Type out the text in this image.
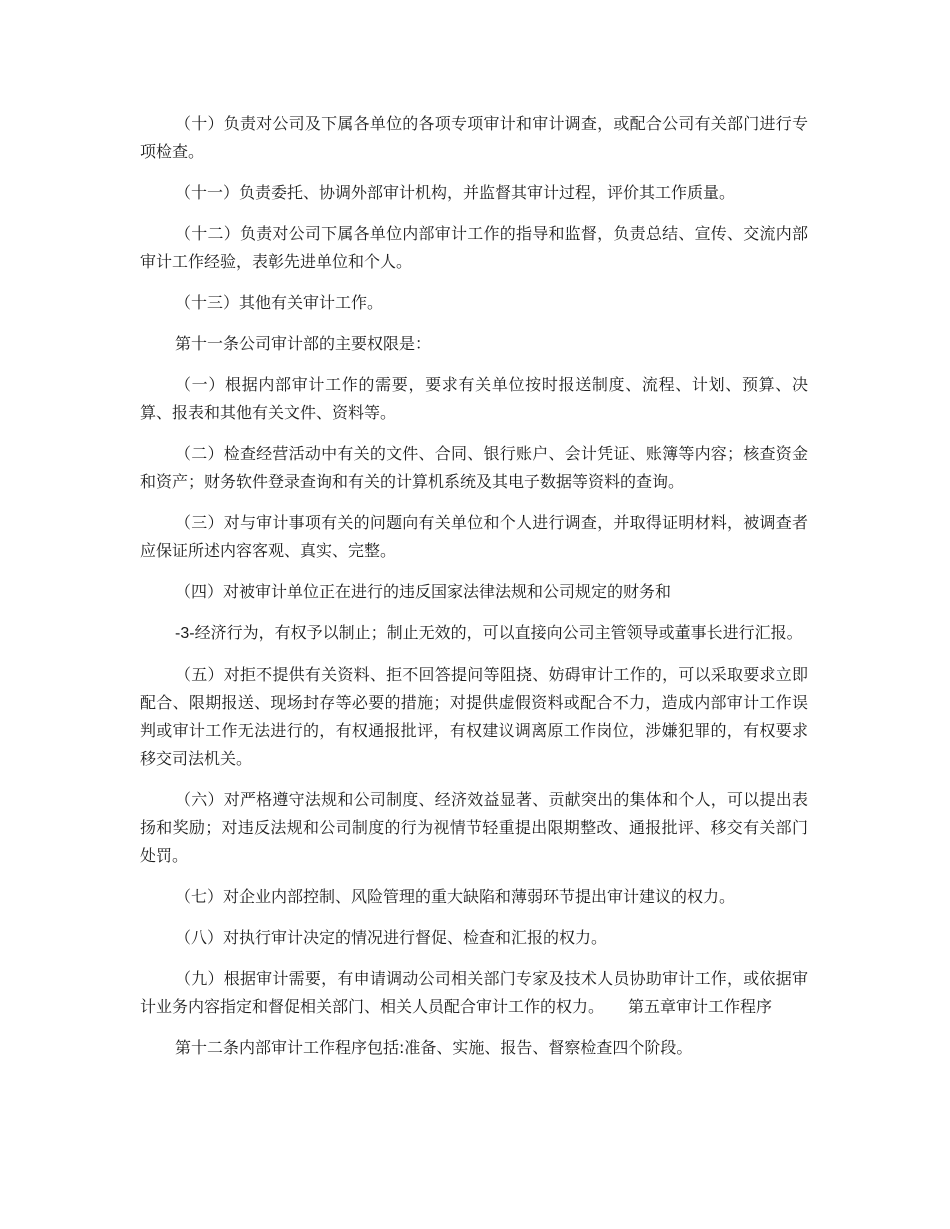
（十）负责对公司及下属各单位的各项专项审计和审计调查，或配合公司有关部门进行专项检查。

（十一）负责委托、协调外部审计机构，并监督其审计过程，评价其工作质量。

（十二）负责对公司下属各单位内部审计工作的指导和监督，负责总结、宣传、交流内部审计工作经验，表彰先进单位和个人。

（十三）其他有关审计工作。

第十一条公司审计部的主要权限是：

（一）根据内部审计工作的需要，要求有关单位按时报送制度、流程、计划、预算、决算、报表和其他有关文件、资料等。

（二）检查经营活动中有关的文件、合同、银行账户、会计凭证、账簿等内容；核查资金和资产；财务软件登录查询和有关的计算机系统及其电子数据等资料的查询。

（三）对与审计事项有关的问题向有关单位和个人进行调查，并取得证明材料，被调查者应保证所述内容客观、真实、完整。

（四）对被审计单位正在进行的违反国家法律法规和公司规定的财务和

-3-经济行为，有权予以制止；制止无效的，可以直接向公司主管领导或董事长进行汇报。

（五）对拒不提供有关资料、拒不回答提问等阻挠、妨碍审计工作的，可以采取要求立即配合、限期报送、现场封存等必要的措施；对提供虚假资料或配合不力，造成内部审计工作误判或审计工作无法进行的，有权通报批评，有权建议调离原工作岗位，涉嫌犯罪的，有权要求移交司法机关。

（六）对严格遵守法规和公司制度、经济效益显著、贡献突出的集体和个人，可以提出表扬和奖励；对违反法规和公司制度的行为视情节轻重提出限期整改、通报批评、移交有关部门处罚。

（七）对企业内部控制、风险管理的重大缺陷和薄弱环节提出审计建议的权力。

（八）对执行审计决定的情况进行督促、检查和汇报的权力。

（九）根据审计需要，有申请调动公司相关部门专家及技术人员协助审计工作，或依据审计业务内容指定和督促相关部门、相关人员配合审计工作的权力。　　第五章审计工作程序

第十二条内部审计工作程序包括:准备、实施、报告、督察检查四个阶段。
